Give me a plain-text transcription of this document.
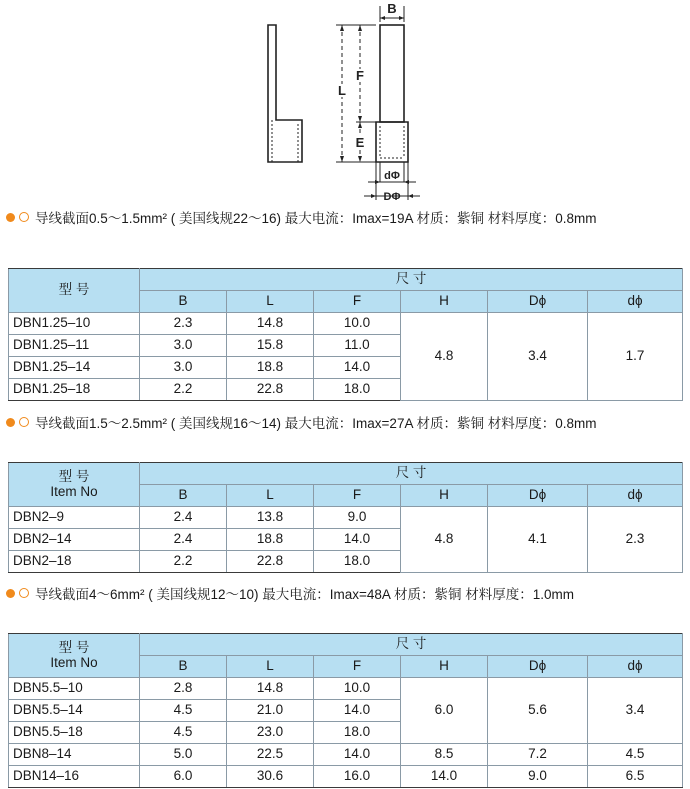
B
L
F
E
dΦ
DΦ
导线截面0.5～1.5mm² ( 美国线规22～16) 最大电流：Imax=19A 材质：紫铜 材料厚度：0.8mm
型 号	尺 寸					
	B	L	F	H	Dϕ	dϕ
DBN1.25–10	2.3	14.8	10.0	4.8	3.4	1.7
DBN1.25–11	3.0	15.8	11.0			
DBN1.25–14	3.0	18.8	14.0			
DBN1.25–18	2.2	22.8	18.0			
导线截面1.5～2.5mm² ( 美国线规16～14) 最大电流：Imax=27A 材质：紫铜 材料厚度：0.8mm
型 号
Item No	尺 寸					
	B	L	F	H	Dϕ	dϕ
DBN2–9	2.4	13.8	9.0	4.8	4.1	2.3
DBN2–14	2.4	18.8	14.0			
DBN2–18	2.2	22.8	18.0			
导线截面4～6mm² ( 美国线规12～10) 最大电流：Imax=48A 材质：紫铜 材料厚度：1.0mm
型 号
Item No	尺 寸					
	B	L	F	H	Dϕ	dϕ
DBN5.5–10	2.8	14.8	10.0	6.0	5.6	3.4
DBN5.5–14	4.5	21.0	14.0			
DBN5.5–18	4.5	23.0	18.0			
DBN8–14	5.0	22.5	14.0	8.5	7.2	4.5
DBN14–16	6.0	30.6	16.0	14.0	9.0	6.5
